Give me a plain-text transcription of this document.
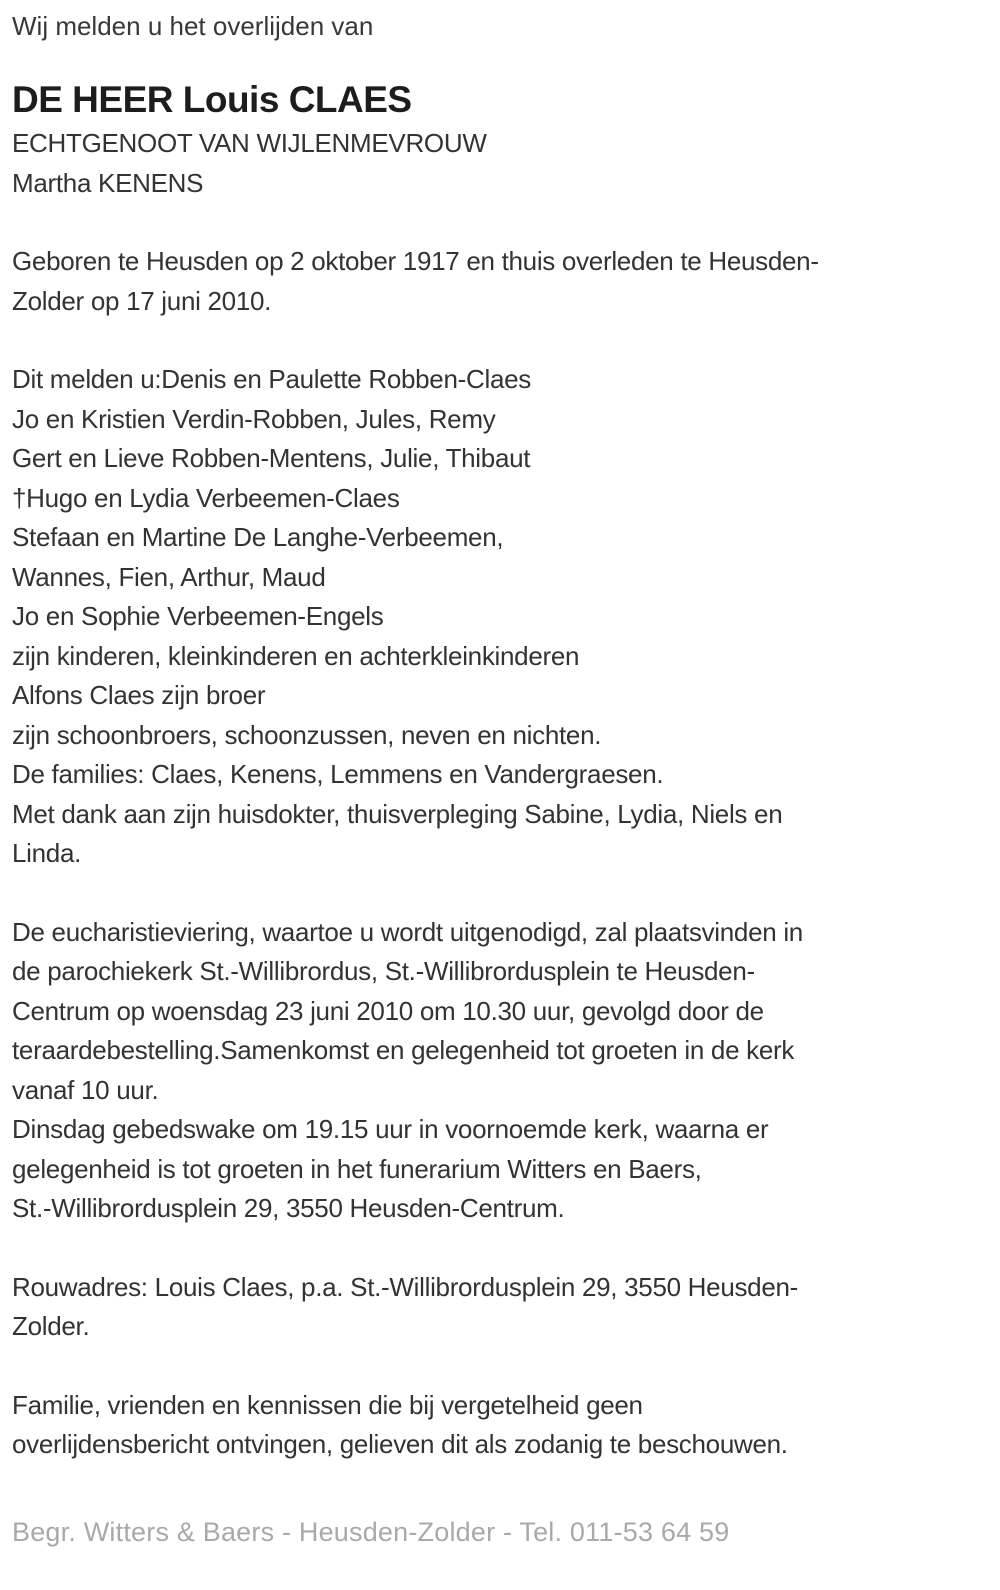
Wij melden u het overlijden van
DE HEER Louis CLAES
ECHTGENOOT VAN WIJLENMEVROUW
Martha KENENS
Geboren te Heusden op 2 oktober 1917 en thuis overleden te Heusden-
Zolder op 17 juni 2010.
Dit melden u:Denis en Paulette Robben-Claes
Jo en Kristien Verdin-Robben, Jules, Remy
Gert en Lieve Robben-Mentens, Julie, Thibaut
†Hugo en Lydia Verbeemen-Claes
Stefaan en Martine De Langhe-Verbeemen,
Wannes, Fien, Arthur, Maud
Jo en Sophie Verbeemen-Engels
zijn kinderen, kleinkinderen en achterkleinkinderen
Alfons Claes zijn broer
zijn schoonbroers, schoonzussen, neven en nichten.
De families: Claes, Kenens, Lemmens en Vandergraesen.
Met dank aan zijn huisdokter, thuisverpleging Sabine, Lydia, Niels en
Linda.
De eucharistieviering, waartoe u wordt uitgenodigd, zal plaatsvinden in
de parochiekerk St.-Willibrordus, St.-Willibrordusplein te Heusden-
Centrum op woensdag 23 juni 2010 om 10.30 uur, gevolgd door de
teraardebestelling.Samenkomst en gelegenheid tot groeten in de kerk
vanaf 10 uur.
Dinsdag gebedswake om 19.15 uur in voornoemde kerk, waarna er
gelegenheid is tot groeten in het funerarium Witters en Baers,
St.-Willibrordusplein 29, 3550 Heusden-Centrum.
Rouwadres: Louis Claes, p.a. St.-Willibrordusplein 29, 3550 Heusden-
Zolder.
Familie, vrienden en kennissen die bij vergetelheid geen
overlijdensbericht ontvingen, gelieven dit als zodanig te beschouwen.
Begr. Witters & Baers - Heusden-Zolder - Tel. 011-53 64 59
